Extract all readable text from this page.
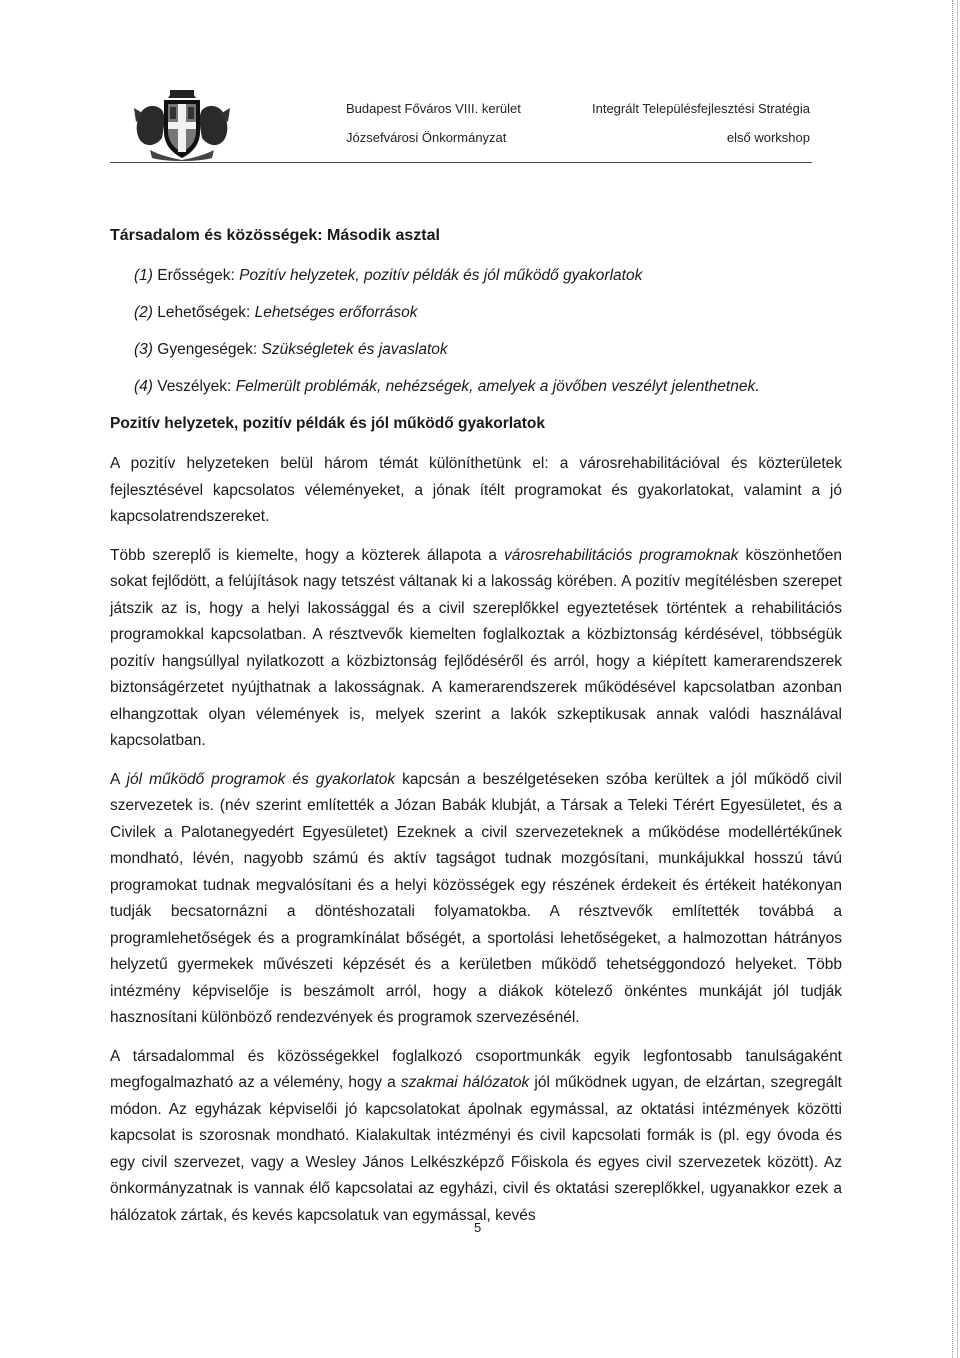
Budapest Főváros VIII. kerület
Józsefvárosi Önkormányzat
Integrált Településfejlesztési Stratégia
első workshop
Társadalom és közösségek: Második asztal
(1) Erősségek: Pozitív helyzetek, pozitív példák és jól működő gyakorlatok
(2) Lehetőségek: Lehetséges erőforrások
(3) Gyengeségek: Szükségletek és javaslatok
(4) Veszélyek: Felmerült problémák, nehézségek, amelyek a jövőben veszélyt jelenthetnek.
Pozitív helyzetek, pozitív példák és jól működő gyakorlatok

A pozitív helyzeteken belül három témát különíthetünk el: a városrehabilitációval és közterületek fejlesztésével kapcsolatos véleményeket, a jónak ítélt programokat és gyakorlatokat, valamint a jó kapcsolatrendszereket.

Több szereplő is kiemelte, hogy a közterek állapota a városrehabilitációs programoknak köszönhetően sokat fejlődött, a felújítások nagy tetszést váltanak ki a lakosság körében. A pozitív megítélésben szerepet játszik az is, hogy a helyi lakossággal és a civil szereplőkkel egyeztetések történtek a rehabilitációs programokkal kapcsolatban. A résztvevők kiemelten foglalkoztak a közbiztonság kérdésével, többségük pozitív hangsúllyal nyilatkozott a közbiztonság fejlődéséről és arról, hogy a kiépített kamerarendszerek biztonságérzetet nyújthatnak a lakosságnak. A kamerarendszerek működésével kapcsolatban azonban elhangzottak olyan vélemények is, melyek szerint a lakók szkeptikusak annak valódi használával kapcsolatban.

A jól működő programok és gyakorlatok kapcsán a beszélgetéseken szóba kerültek a jól működő civil szervezetek is. (név szerint említették a Józan Babák klubját, a Társak a Teleki Térért Egyesületet, és a Civilek a Palotanegyedért Egyesületet) Ezeknek a civil szervezeteknek a működése modellértékűnek mondható, lévén, nagyobb számú és aktív tagságot tudnak mozgósítani, munkájukkal hosszú távú programokat tudnak megvalósítani és a helyi közösségek egy részének érdekeit és értékeit hatékonyan tudják becsatornázni a döntéshozatali folyamatokba. A résztvevők említették továbbá a programlehetőségek és a programkínálat bőségét, a sportolási lehetőségeket, a halmozottan hátrányos helyzetű gyermekek művészeti képzését és a kerületben működő tehetséggondozó helyeket. Több intézmény képviselője is beszámolt arról, hogy a diákok kötelező önkéntes munkáját jól tudják hasznosítani különböző rendezvények és programok szervezésénél.

A társadalommal és közösségekkel foglalkozó csoportmunkák egyik legfontosabb tanulságaként megfogalmazható az a vélemény, hogy a szakmai hálózatok jól működnek ugyan, de elzártan, szegregált módon. Az egyházak képviselői jó kapcsolatokat ápolnak egymással, az oktatási intézmények közötti kapcsolat is szorosnak mondható. Kialakultak intézményi és civil kapcsolati formák is (pl. egy óvoda és egy civil szervezet, vagy a Wesley János Lelkészképző Főiskola és egyes civil szervezetek között). Az önkormányzatnak is vannak élő kapcsolatai az egyházi, civil és oktatási szereplőkkel, ugyanakkor ezek a hálózatok zártak, és kevés kapcsolatuk van egymással, kevés

5
